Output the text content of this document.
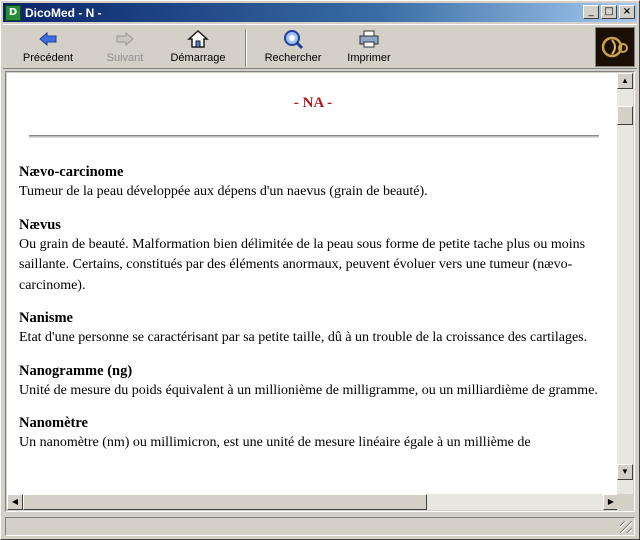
D DicoMed - N -	_	□ ×
Précédent	Suivant Démarrage	Rechercher Imprimer
- NA -
Nævo-carcinome
Tumeur de la peau développée aux dépens d'un naevus (grain de beauté).
Nævus
Ou grain de beauté. Malformation bien délimitée de la peau sous forme de petite tache plus ou moins saillante. Certains, constitués par des éléments anormaux, peuvent évoluer vers une tumeur (nævo-carcinome).
Nanisme
Etat d'une personne se caractérisant par sa petite taille, dû à un trouble de la croissance des cartilages.
Nanogramme (ng)
Unité de mesure du poids équivalent à un millionième de milligramme, ou un milliardième de gramme.
Nanomètre
Un nanomètre (nm) ou millimicron, est une unité de mesure linéaire égale à un millième de
▲
▼
◀	▶
